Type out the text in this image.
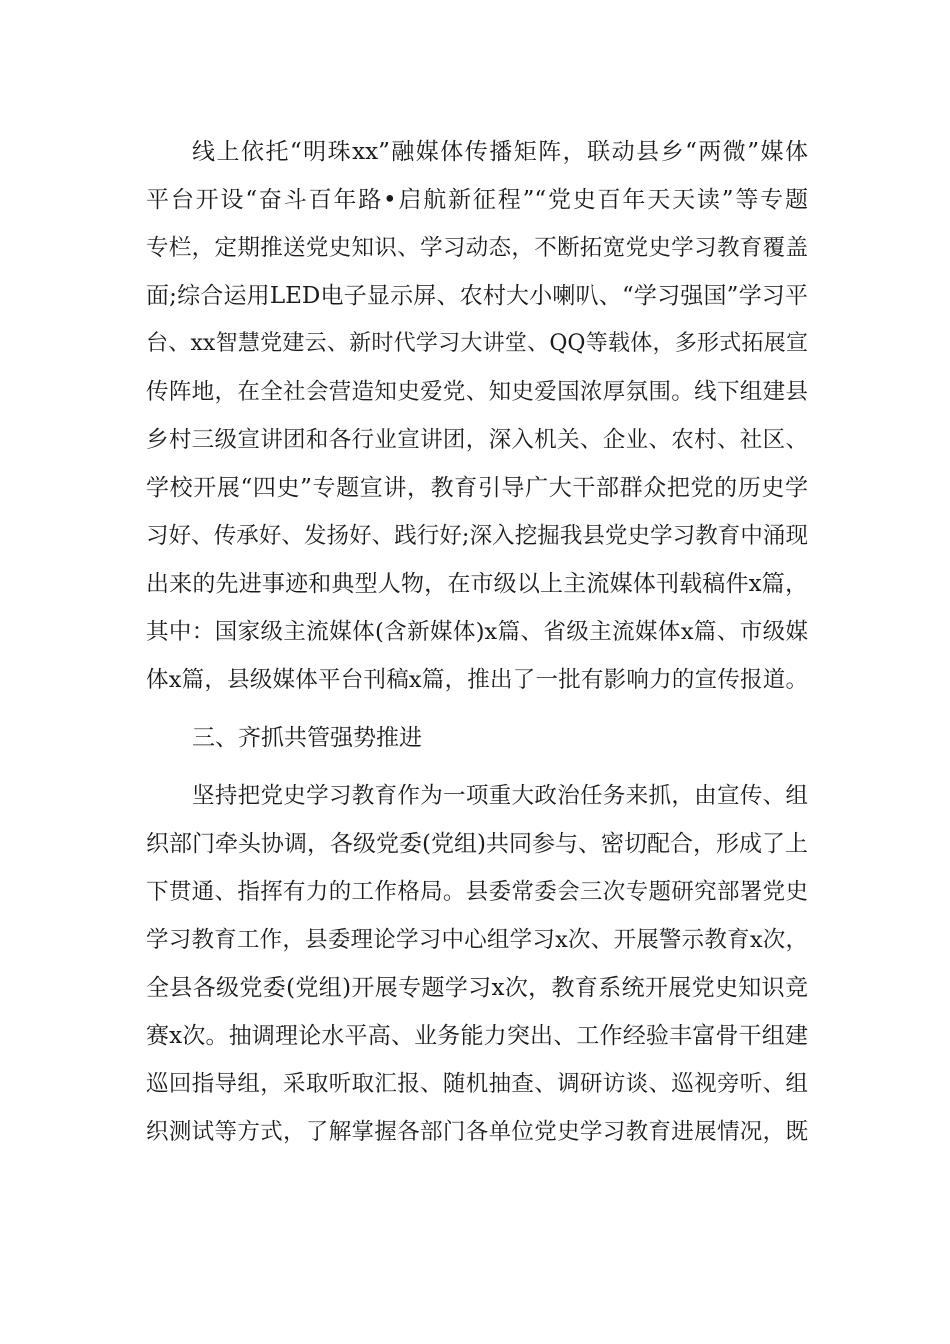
线上依托“明珠xx”融媒体传播矩阵，联动县乡“两微”媒体
平台开设“奋斗百年路•启航新征程”“党史百年天天读”等专题
专栏，定期推送党史知识、学习动态，不断拓宽党史学习教育覆盖
面;综合运用LED电子显示屏、农村大小喇叭、“学习强国”学习平
台、xx智慧党建云、新时代学习大讲堂、QQ等载体，多形式拓展宣
传阵地，在全社会营造知史爱党、知史爱国浓厚氛围。线下组建县
乡村三级宣讲团和各行业宣讲团，深入机关、企业、农村、社区、
学校开展“四史”专题宣讲，教育引导广大干部群众把党的历史学
习好、传承好、发扬好、践行好;深入挖掘我县党史学习教育中涌现
出来的先进事迹和典型人物，在市级以上主流媒体刊载稿件x篇，
其中：国家级主流媒体(含新媒体)x篇、省级主流媒体x篇、市级媒
体x篇，县级媒体平台刊稿x篇，推出了一批有影响力的宣传报道。
三、齐抓共管强势推进
坚持把党史学习教育作为一项重大政治任务来抓，由宣传、组
织部门牵头协调，各级党委(党组)共同参与、密切配合，形成了上
下贯通、指挥有力的工作格局。县委常委会三次专题研究部署党史
学习教育工作，县委理论学习中心组学习x次、开展警示教育x次，
全县各级党委(党组)开展专题学习x次，教育系统开展党史知识竞
赛x次。抽调理论水平高、业务能力突出、工作经验丰富骨干组建
巡回指导组，采取听取汇报、随机抽查、调研访谈、巡视旁听、组
织测试等方式，了解掌握各部门各单位党史学习教育进展情况，既
